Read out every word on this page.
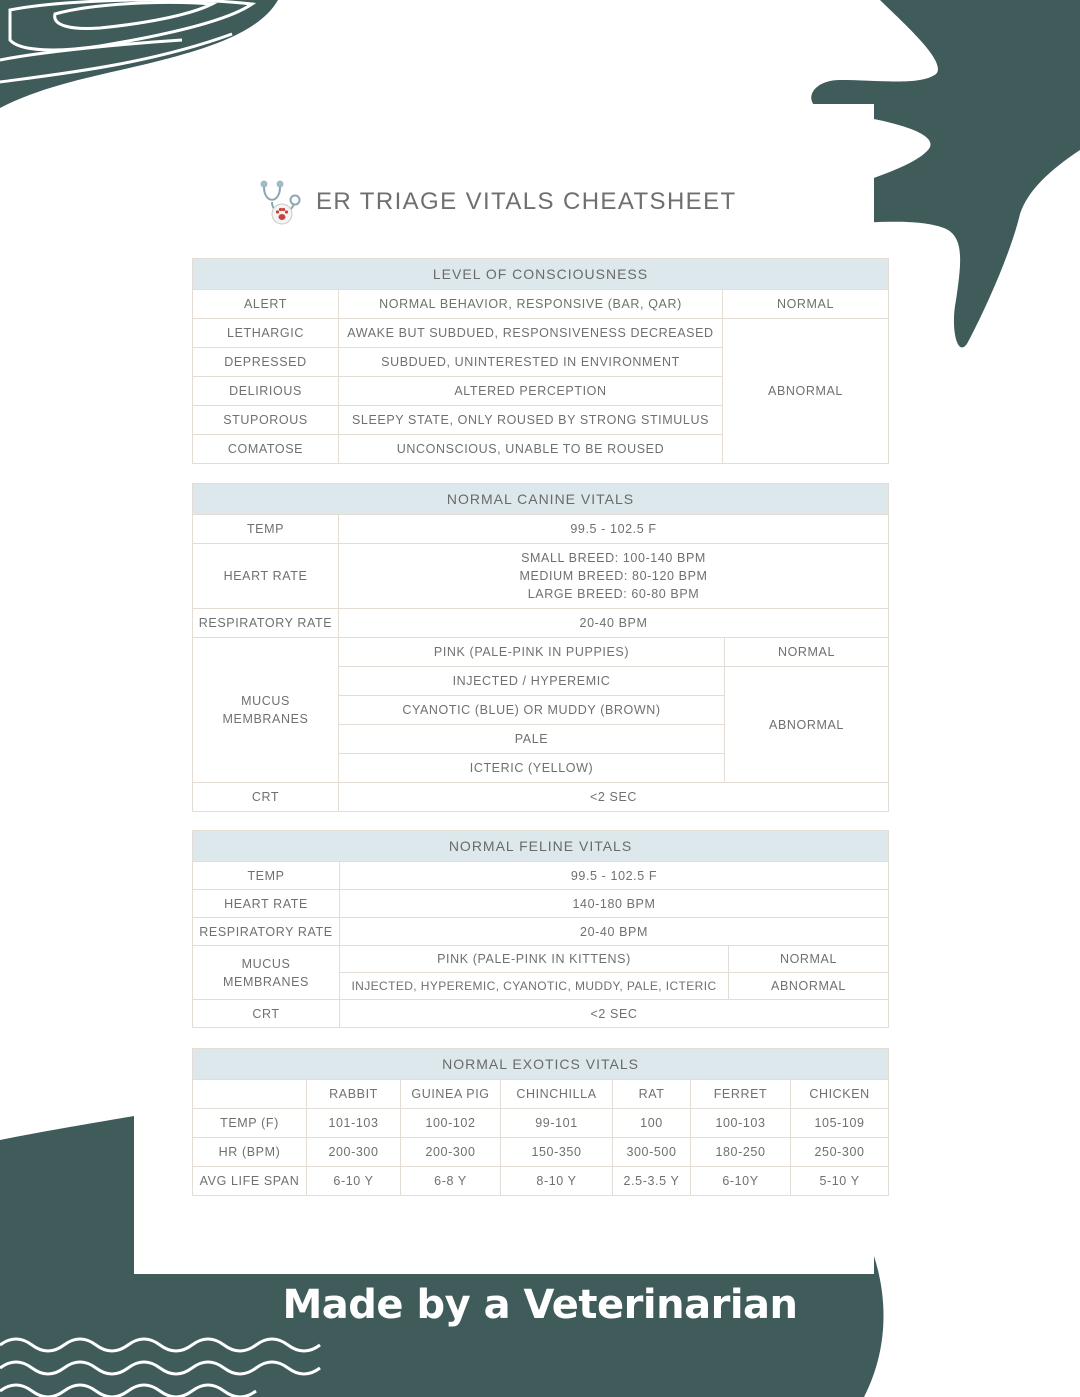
ER TRIAGE VITALS CHEATSHEET
LEVEL OF CONSCIOUSNESS		
ALERT	NORMAL BEHAVIOR, RESPONSIVE (BAR, QAR)	NORMAL
LETHARGIC	AWAKE BUT SUBDUED, RESPONSIVENESS DECREASED	ABNORMAL
DEPRESSED	SUBDUED, UNINTERESTED IN ENVIRONMENT	
DELIRIOUS	ALTERED PERCEPTION	
STUPOROUS	SLEEPY STATE, ONLY ROUSED BY STRONG STIMULUS	
COMATOSE	UNCONSCIOUS, UNABLE TO BE ROUSED	
NORMAL CANINE VITALS		
TEMP	99.5 - 102.5 F	
HEART RATE	SMALL BREED: 100-140 BPM
MEDIUM BREED: 80-120 BPM
LARGE BREED: 60-80 BPM	

RESPIRATORY RATE	20-40 BPM	

MUCUS
MEMBRANES	PINK (PALE-PINK IN PUPPIES)	NORMAL
	INJECTED / HYPEREMIC	ABNORMAL
	CYANOTIC (BLUE) OR MUDDY (BROWN)	
	PALE	
	ICTERIC (YELLOW)	
CRT	<2 SEC	
NORMAL FELINE VITALS		
TEMP	99.5 - 102.5 F	
HEART RATE	140-180 BPM	
RESPIRATORY RATE	20-40 BPM	

MUCUS
MEMBRANES	PINK (PALE-PINK IN KITTENS)	NORMAL
	INJECTED, HYPEREMIC, CYANOTIC, MUDDY, PALE, ICTERIC	ABNORMAL
CRT	<2 SEC	
NORMAL EXOTICS VITALS						
	RABBIT	GUINEA PIG	CHINCHILLA	RAT	FERRET	CHICKEN
TEMP (F)	101-103	100-102	99-101	100	100-103	105-109
HR (BPM)	200-300	200-300	150-350	300-500	180-250	250-300
AVG LIFE SPAN	6-10 Y	6-8 Y	8-10 Y	2.5-3.5 Y	6-10Y	5-10 Y
Made by a Veterinarian
